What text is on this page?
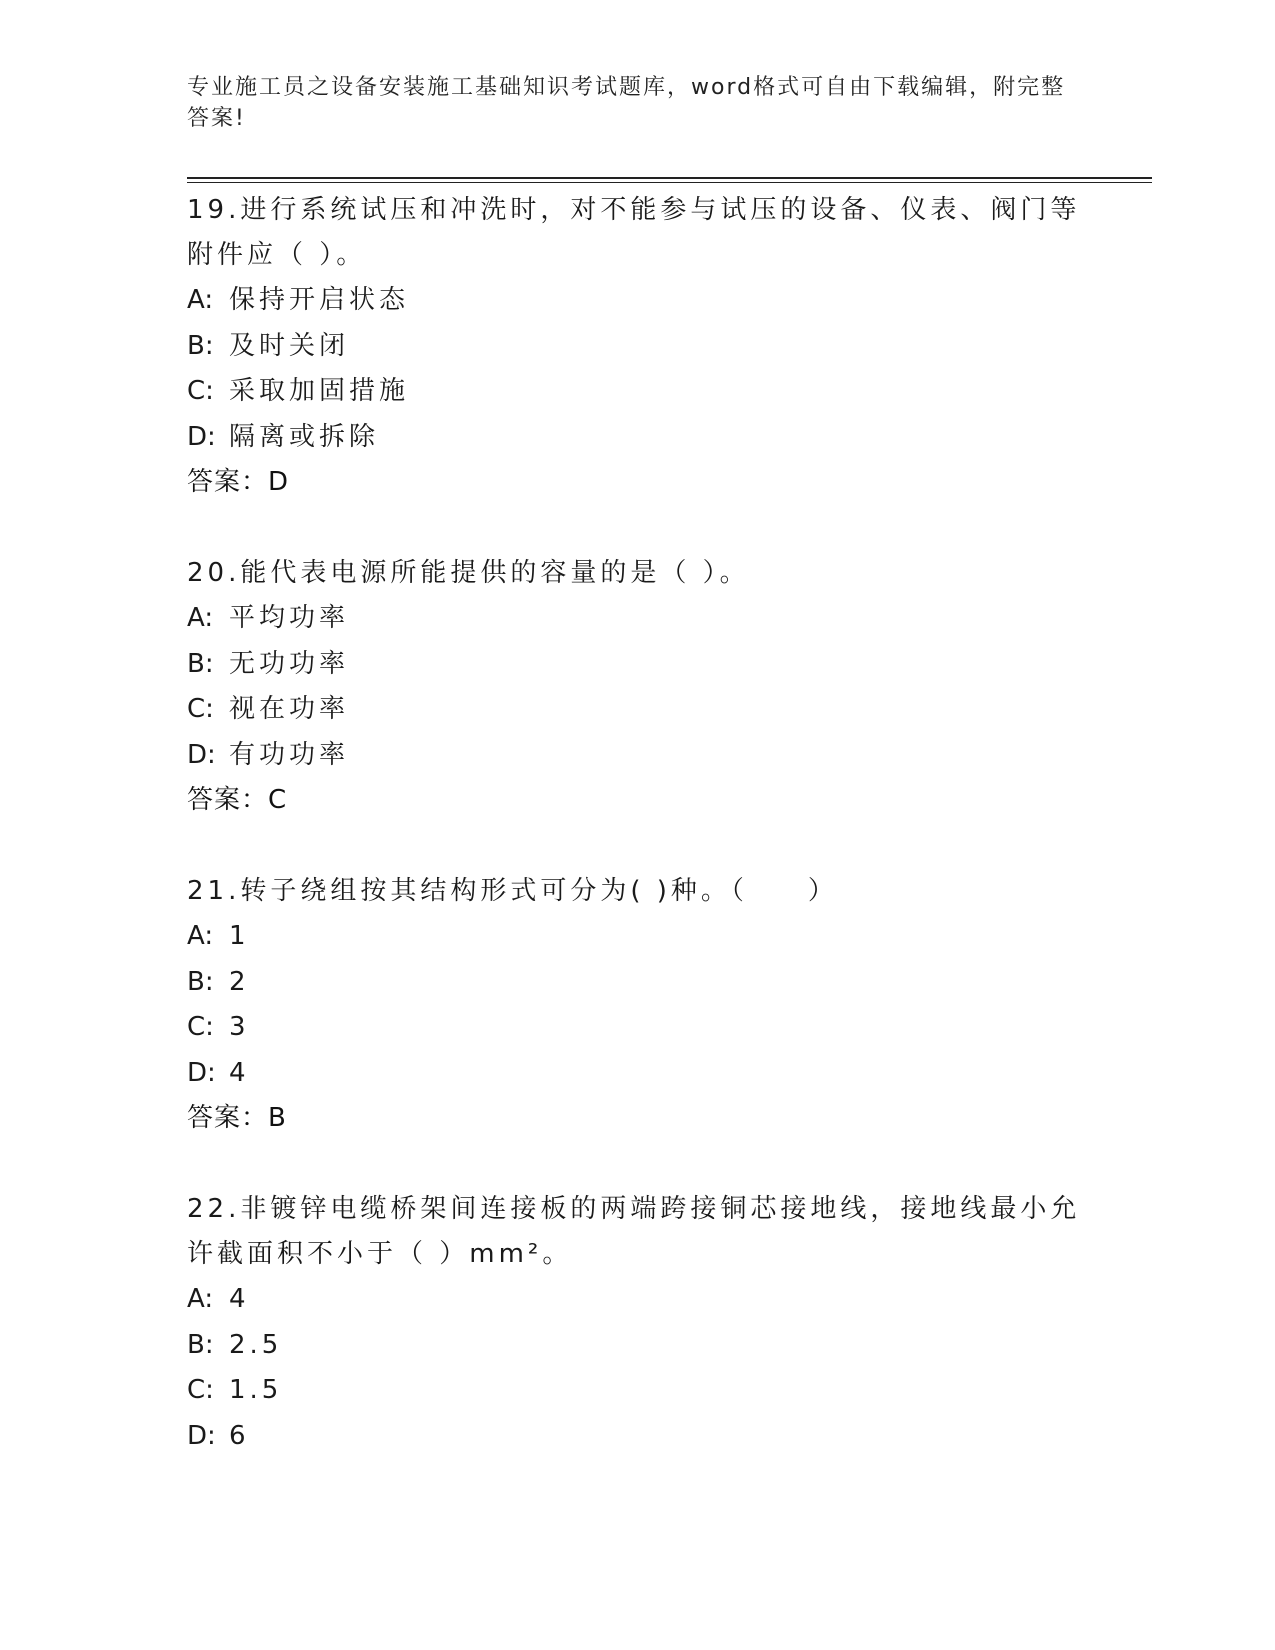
专业施工员之设备安装施工基础知识考试题库，word格式可自由下载编辑，附完整答案!
19.进行系统试压和冲洗时，对不能参与试压的设备、仪表、阀门等附件应（ ）。
A: 保持开启状态
B: 及时关闭
C: 采取加固措施
D: 隔离或拆除
答案：D
20.能代表电源所能提供的容量的是（ ）。
A: 平均功率
B: 无功功率
C: 视在功率
D: 有功功率
答案：C
21.转子绕组按其结构形式可分为( )种。（　　）
A: 1
B: 2
C: 3
D: 4
答案：B
22.非镀锌电缆桥架间连接板的两端跨接铜芯接地线，接地线最小允许截面积不小于（ ）mm²。
A: 4
B: 2.5
C: 1.5
D: 6
